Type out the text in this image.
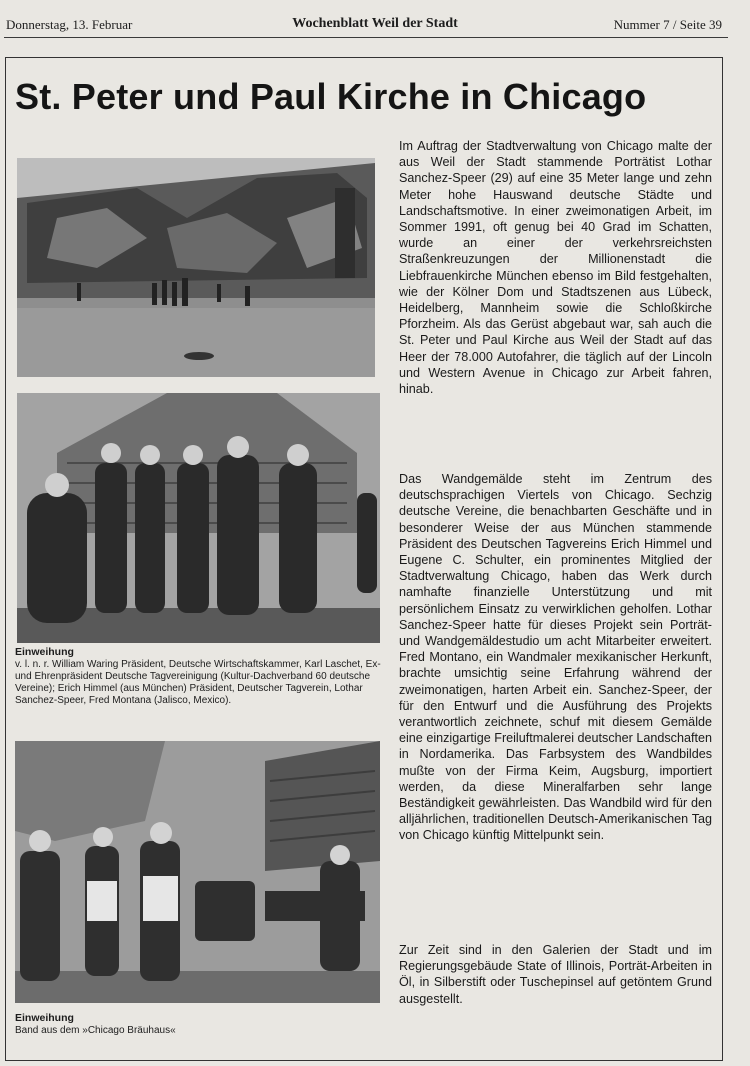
Donnerstag, 13. Februar	Wochenblatt Weil der Stadt	Nummer 7 / Seite 39
St. Peter und Paul Kirche in Chicago
Einweihung

v. l. n. r. William Waring Präsident, Deutsche Wirtschaftskammer, Karl Laschet, Ex- und Ehrenpräsident Deutsche Tagvereinigung (Kultur-Dachverband 60 deutsche Vereine); Erich Himmel (aus München) Präsident, Deutscher Tagverein, Lothar Sanchez-Speer, Fred Montana (Jalisco, Mexico).

Einweihung

Band aus dem »Chicago Bräuhaus«

Im Auftrag der Stadtverwaltung von Chicago malte der aus Weil der Stadt stammende Porträtist Lothar Sanchez-Speer (29) auf eine 35 Meter lange und zehn Meter hohe Hauswand deutsche Städte und Landschaftsmotive. In einer zweimonatigen Arbeit, im Sommer 1991, oft genug bei 40 Grad im Schatten, wurde an einer der verkehrsreichsten Straßenkreuzungen der Millionenstadt die Liebfrauenkirche München ebenso im Bild festgehalten, wie der Kölner Dom und Stadtszenen aus Lübeck, Heidelberg, Mannheim sowie die Schloßkirche Pforzheim. Als das Gerüst abgebaut war, sah auch die St. Peter und Paul Kirche aus Weil der Stadt auf das Heer der 78.000 Autofahrer, die täglich auf der Lincoln und Western Avenue in Chicago zur Arbeit fahren, hinab.

Das Wandgemälde steht im Zentrum des deutschsprachigen Viertels von Chicago. Sechzig deutsche Vereine, die benachbarten Geschäfte und in besonderer Weise der aus München stammende Präsident des Deutschen Tagvereins Erich Himmel und Eugene C. Schulter, ein prominentes Mitglied der Stadtverwaltung Chicago, haben das Werk durch namhafte finanzielle Unterstützung und mit persönlichem Einsatz zu verwirklichen geholfen. Lothar Sanchez-Speer hatte für dieses Projekt sein Porträt- und Wandgemäldestudio um acht Mitarbeiter erweitert. Fred Montano, ein Wandmaler mexikanischer Herkunft, brachte umsichtig seine Erfahrung während der zweimonatigen, harten Arbeit ein. Sanchez-Speer, der für den Entwurf und die Ausführung des Projekts verantwortlich zeichnete, schuf mit diesem Gemälde eine einzigartige Freiluftmalerei deutscher Landschaften in Nordamerika. Das Farbsystem des Wandbildes mußte von der Firma Keim, Augsburg, importiert werden, da diese Mineralfarben sehr lange Beständigkeit gewährleisten. Das Wandbild wird für den alljährlichen, traditionellen Deutsch-Amerikanischen Tag von Chicago künftig Mittelpunkt sein.

Zur Zeit sind in den Galerien der Stadt und im Regierungsgebäude State of Illinois, Porträt-Arbeiten in Öl, in Silberstift oder Tuschepinsel auf getöntem Grund ausgestellt.
